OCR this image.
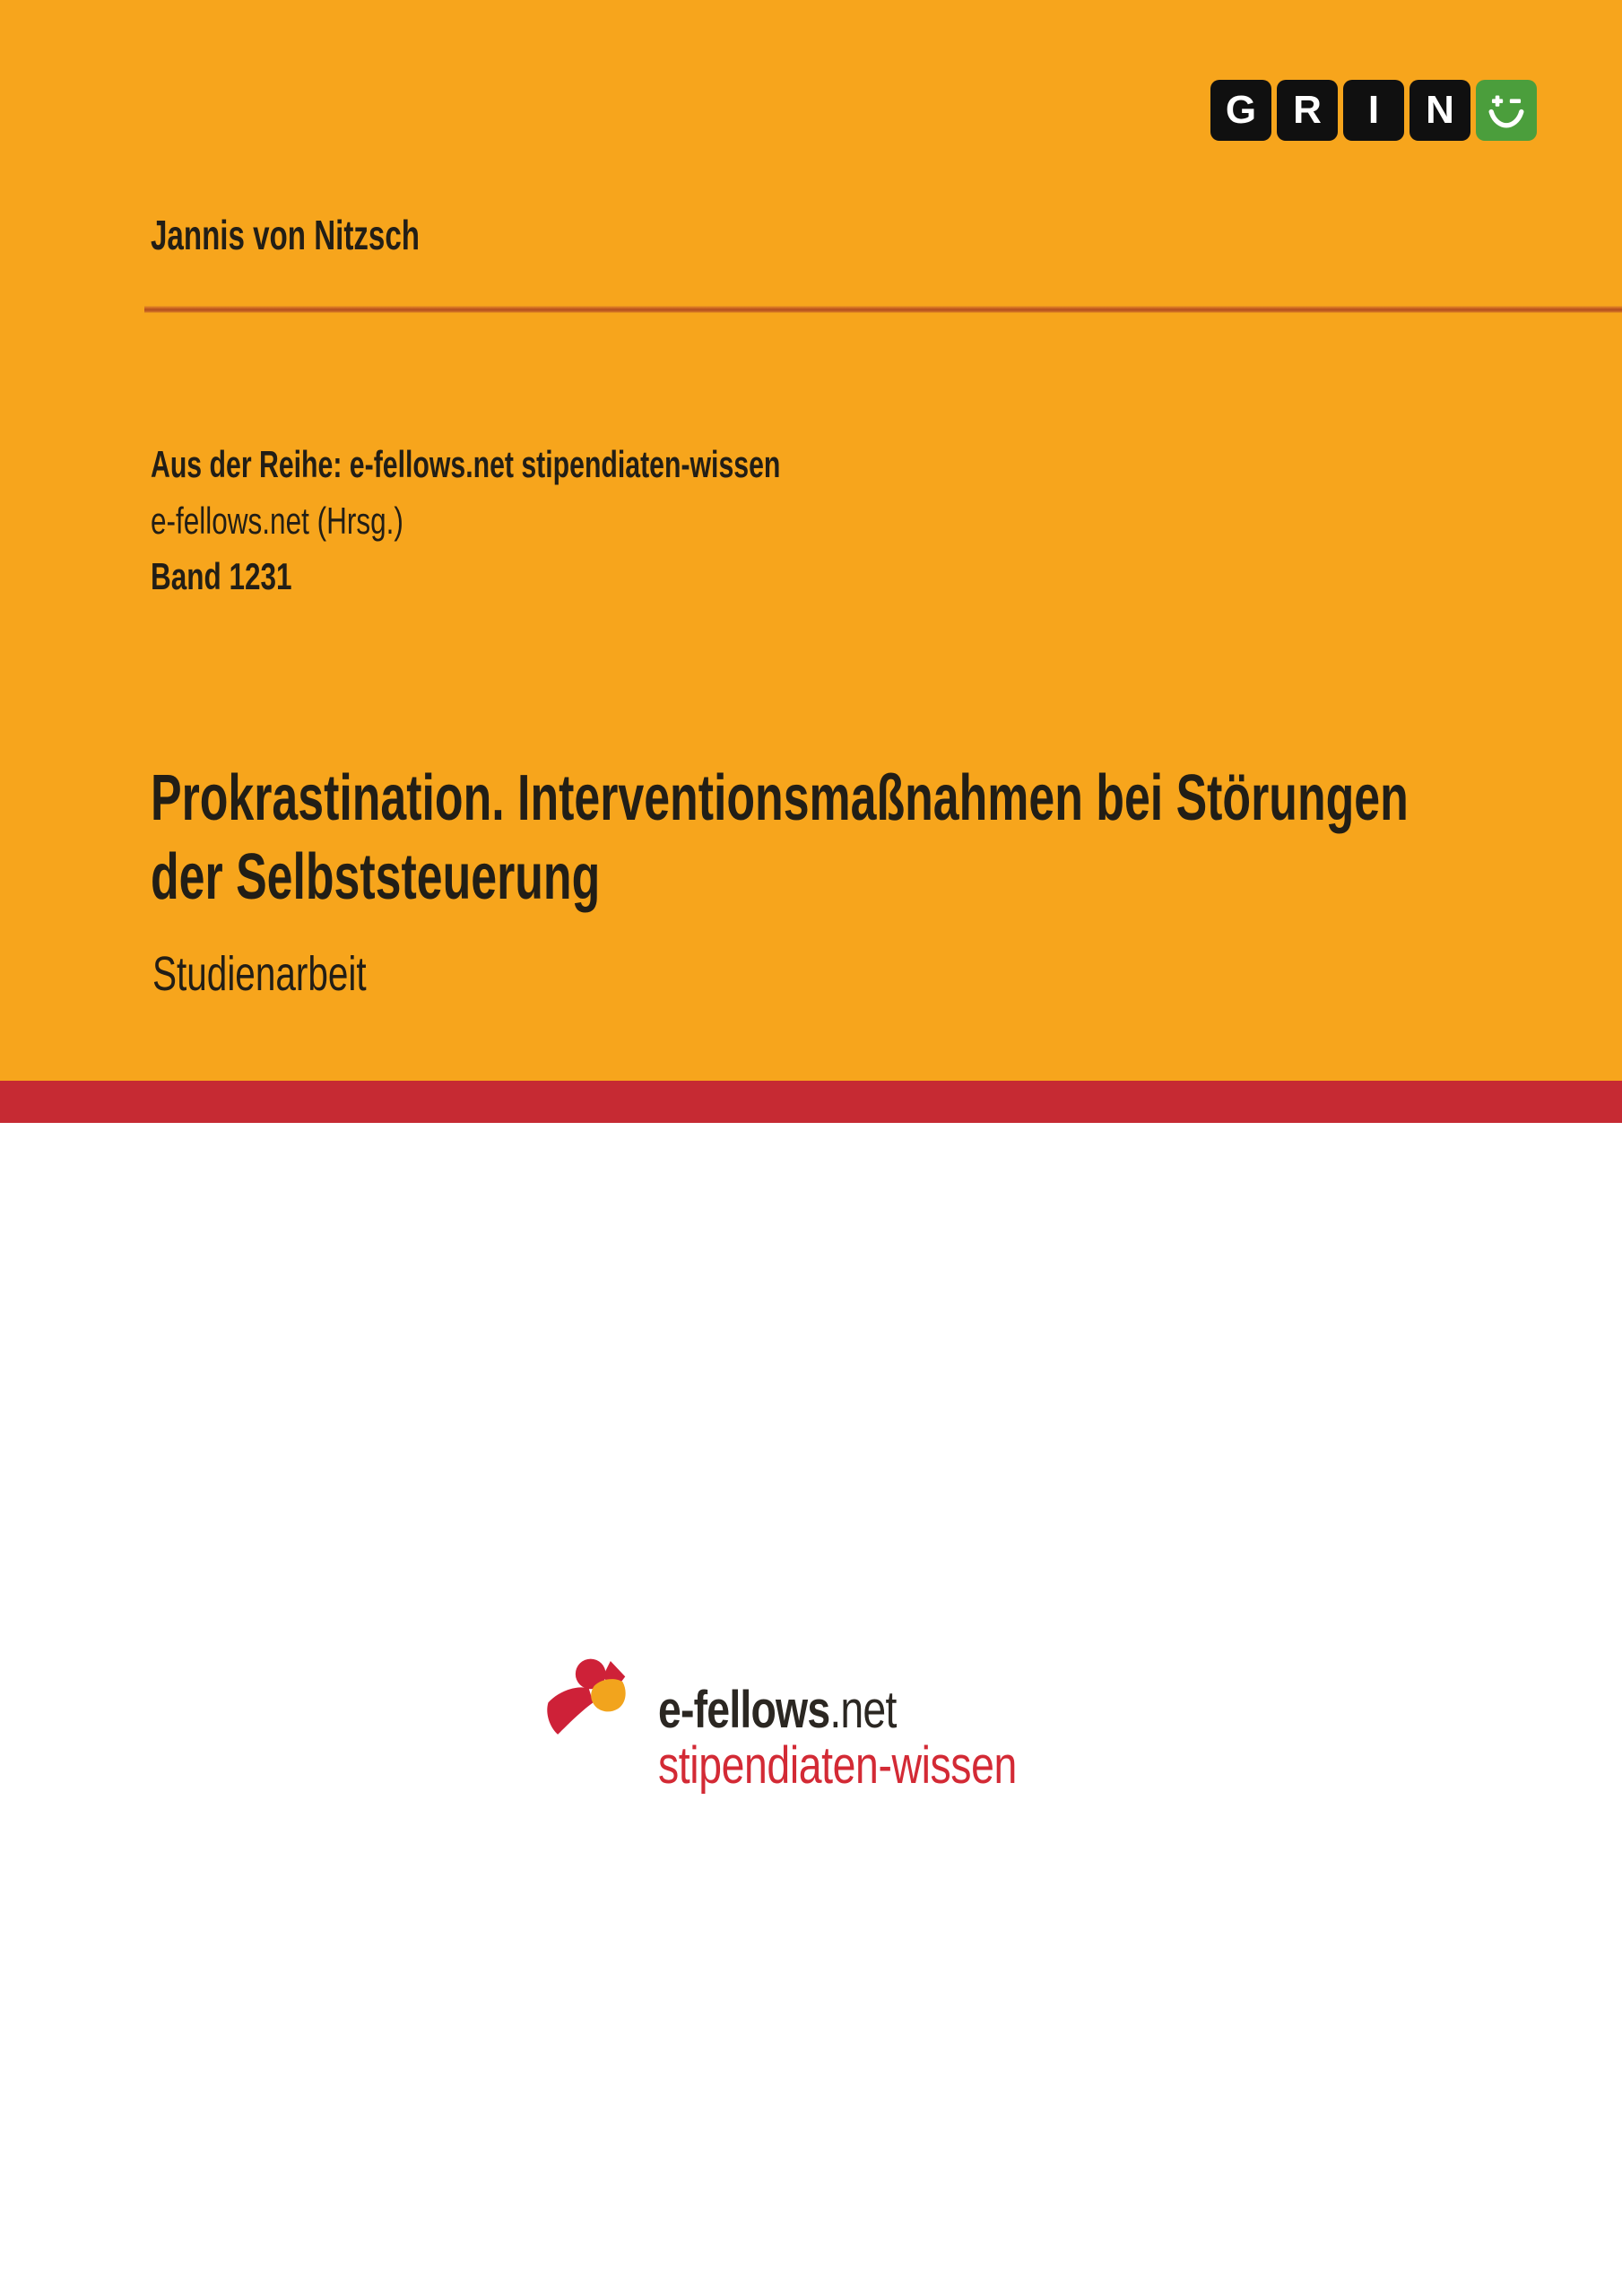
G R	I	N
Jannis von Nitzsch
Aus der Reihe: e-fellows.net stipendiaten-wissen
e-fellows.net (Hrsg.)
Band 1231
Prokrastination. Interventionsmaßnahmen bei Störungen
der Selbststeuerung
Studienarbeit
e-fellows.net
stipendiaten-wissen
